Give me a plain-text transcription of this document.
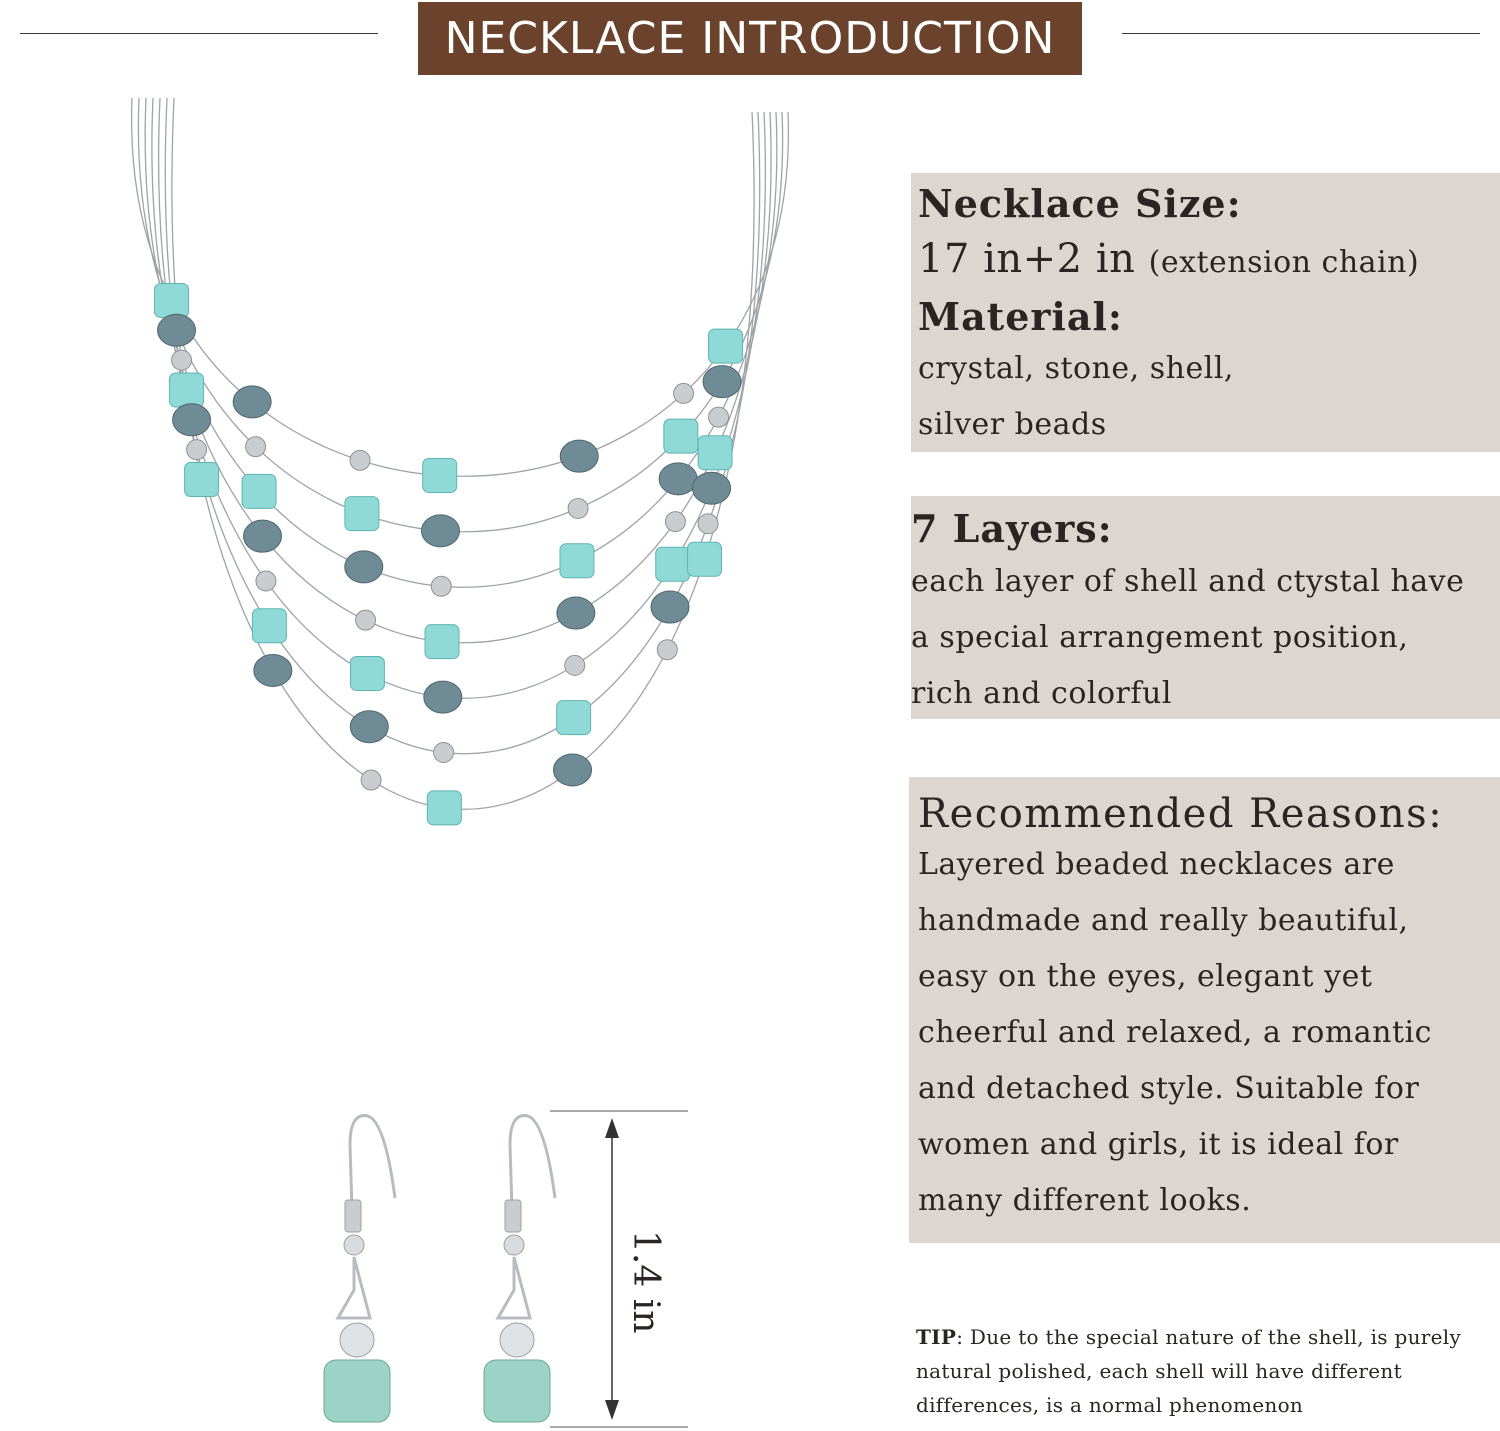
NECKLACE INTRODUCTION
1.4 in
Necklace Size:
17 in+2 in (extension chain)
Material:
crystal, stone, shell,
silver beads
7 Layers:
each layer of shell and ctystal have
a special arrangement position,
rich and colorful
Recommended Reasons:
Layered beaded necklaces are
handmade and really beautiful,
easy on the eyes, elegant yet
cheerful and relaxed, a romantic
and detached style. Suitable for
women and girls, it is ideal for
many different looks.
TIP: Due to the special nature of the shell, is purely natural polished, each shell will have different differences, is a normal phenomenon
